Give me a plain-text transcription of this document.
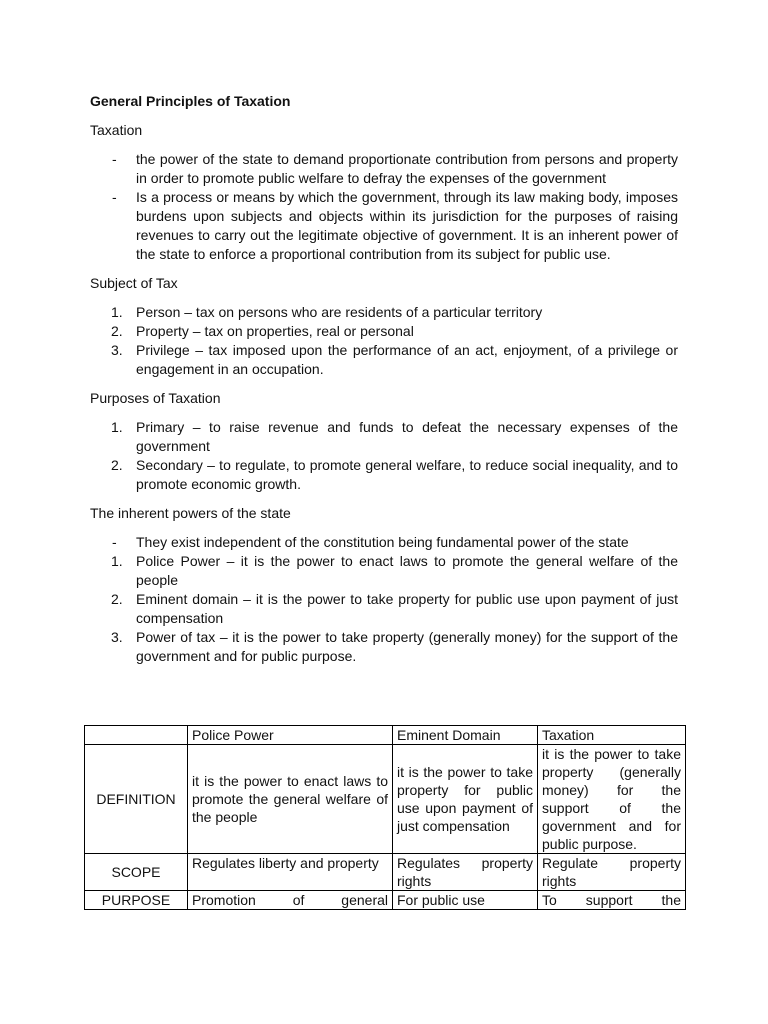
General Principles of Taxation
Taxation
- the power of the state to demand proportionate contribution from persons and property in order to promote public welfare to defray the expenses of the government
- Is a process or means by which the government, through its law making body, imposes burdens upon subjects and objects within its jurisdiction for the purposes of raising revenues to carry out the legitimate objective of government. It is an inherent power of the state to enforce a proportional contribution from its subject for public use.
Subject of Tax
1. Person – tax on persons who are residents of a particular territory
2. Property – tax on properties, real or personal
3. Privilege – tax imposed upon the performance of an act, enjoyment, of a privilege or engagement in an occupation.
Purposes of Taxation
1. Primary – to raise revenue and funds to defeat the necessary expenses of the government
2. Secondary – to regulate, to promote general welfare, to reduce social inequality, and to promote economic growth.
The inherent powers of the state
- They exist independent of the constitution being fundamental power of the state
1. Police Power – it is the power to enact laws to promote the general welfare of the people
2. Eminent domain – it is the power to take property for public use upon payment of just compensation
3. Power of tax – it is the power to take property (generally money) for the support of the government and for public purpose.
	Police Power	Eminent Domain	Taxation
DEFINITION	it is the power to enact laws to promote the general welfare of the people	it is the power to take property for public use upon payment of just compensation	it is the power to take property (generally money) for the support of the government and for public purpose.
SCOPE	Regulates liberty and property	Regulates property rights	Regulate property rights
PURPOSE	Promotion of general	For public use	To support the
